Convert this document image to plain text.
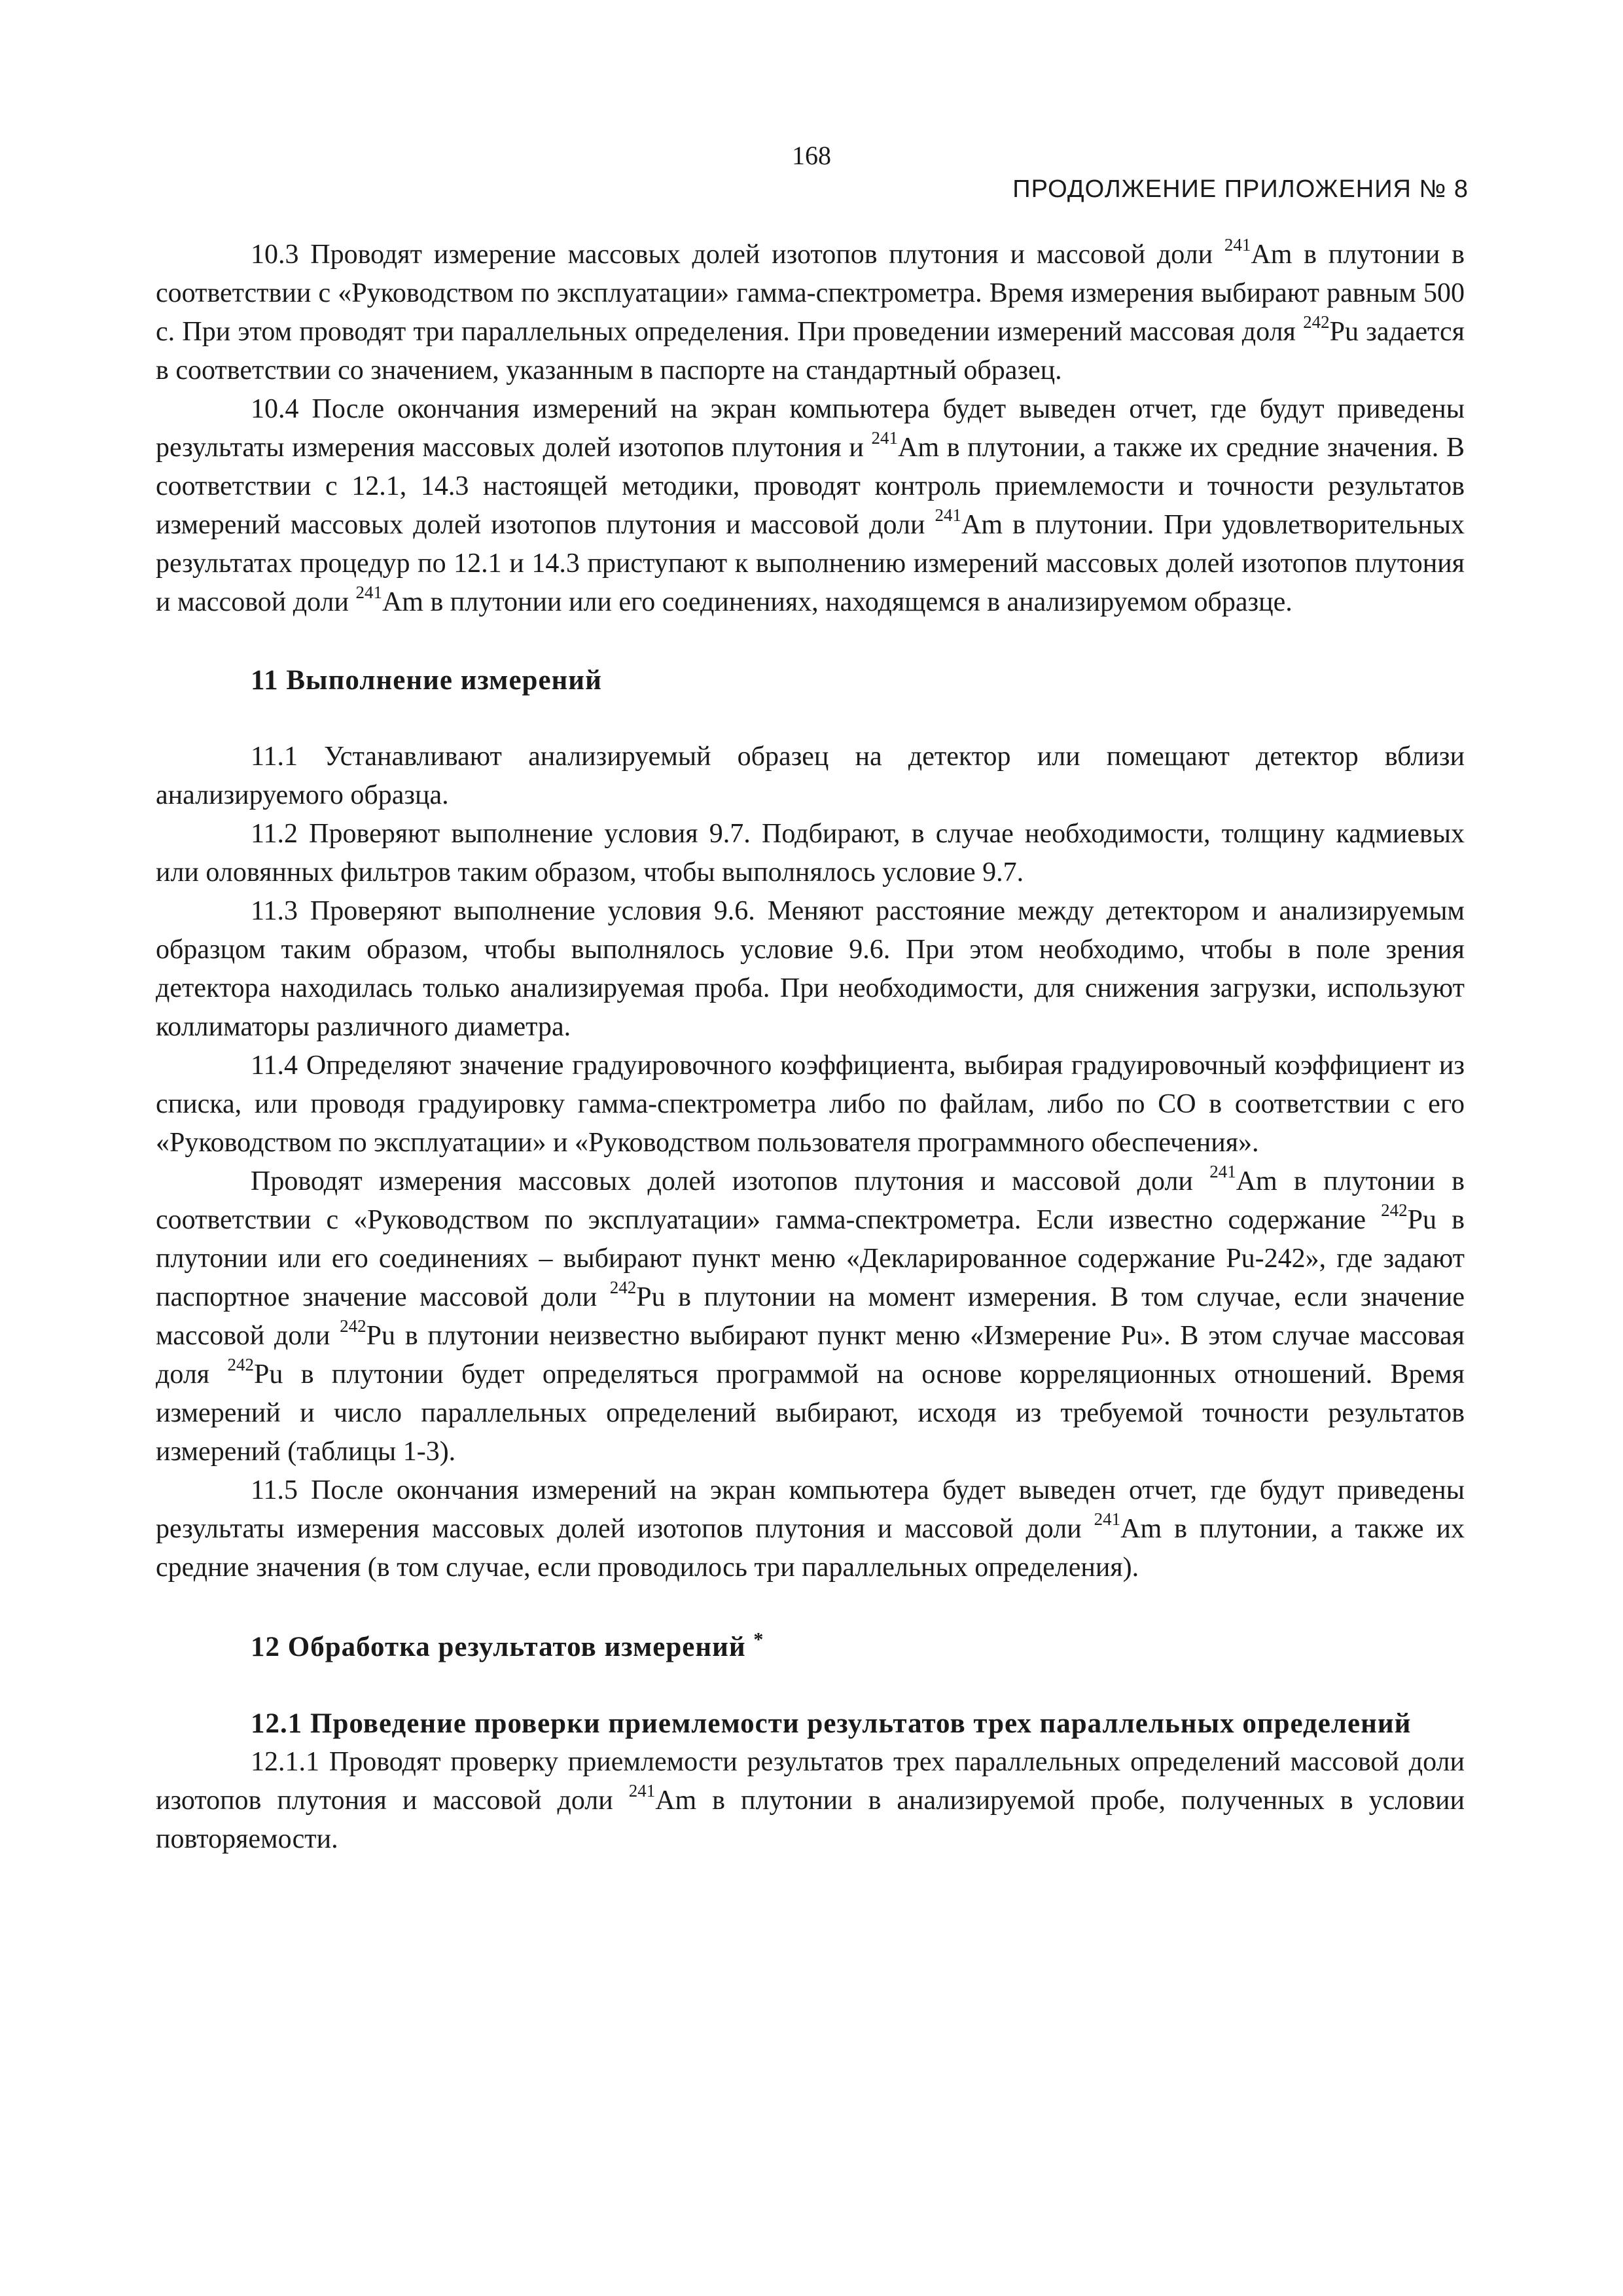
168
ПРОДОЛЖЕНИЕ ПРИЛОЖЕНИЯ № 8

10.3 Проводят измерение массовых долей изотопов плутония и массовой доли $^{241}$Am в плутонии в соответствии с «Руководством по эксплуатации» гамма-спектрометра. Время измерения выбирают равным 500 с. При этом проводят три параллельных определения. При проведении измерений массовая доля $^{242}$Pu задается в соответствии со значением, указанным в паспорте на стандартный образец.

10.4 После окончания измерений на экран компьютера будет выведен отчет, где будут приведены результаты измерения массовых долей изотопов плутония и $^{241}$Am в плутонии, а также их средние значения. В соответствии с 12.1, 14.3 настоящей методики, проводят контроль приемлемости и точности результатов измерений массовых долей изотопов плутония и массовой доли $^{241}$Am в плутонии. При удовлетворительных результатах процедур по 12.1 и 14.3 приступают к выполнению измерений массовых долей изотопов плутония и массовой доли $^{241}$Am в плутонии или его соединениях, находящемся в анализируемом образце.

11 Выполнение измерений

11.1 Устанавливают анализируемый образец на детектор или помещают детектор вблизи анализируемого образца.

11.2 Проверяют выполнение условия 9.7. Подбирают, в случае необходимости, толщину кадмиевых или оловянных фильтров таким образом, чтобы выполнялось условие 9.7.

11.3 Проверяют выполнение условия 9.6. Меняют расстояние между детектором и анализируемым образцом таким образом, чтобы выполнялось условие 9.6. При этом необходимо, чтобы в поле зрения детектора находилась только анализируемая проба. При необходимости, для снижения загрузки, используют коллиматоры различного диаметра.

11.4 Определяют значение градуировочного коэффициента, выбирая градуировочный коэффициент из списка, или проводя градуировку гамма-спектрометра либо по файлам, либо по СО в соответствии с его «Руководством по эксплуатации» и «Руководством пользователя программного обеспечения».

Проводят измерения массовых долей изотопов плутония и массовой доли $^{241}$Am в плутонии в соответствии с «Руководством по эксплуатации» гамма-спектрометра. Если известно содержание $^{242}$Pu в плутонии или его соединениях – выбирают пункт меню «Декларированное содержание Pu-242», где задают паспортное значение массовой доли $^{242}$Pu в плутонии на момент измерения. В том случае, если значение массовой доли $^{242}$Pu в плутонии неизвестно выбирают пункт меню «Измерение Pu». В этом случае массовая доля $^{242}$Pu в плутонии будет определяться программой на основе корреляционных отношений. Время измерений и число параллельных определений выбирают, исходя из требуемой точности результатов измерений (таблицы 1-3).

11.5 После окончания измерений на экран компьютера будет выведен отчет, где будут приведены результаты измерения массовых долей изотопов плутония и массовой доли $^{241}$Am в плутонии, а также их средние значения (в том случае, если проводилось три параллельных определения).

12 Обработка результатов измерений *
12.1 Проведение проверки приемлемости результатов трех параллельных определений

12.1.1 Проводят проверку приемлемости результатов трех параллельных определений массовой доли изотопов плутония и массовой доли $^{241}$Am в плутонии в анализируемой пробе, полученных в условии повторяемости.
